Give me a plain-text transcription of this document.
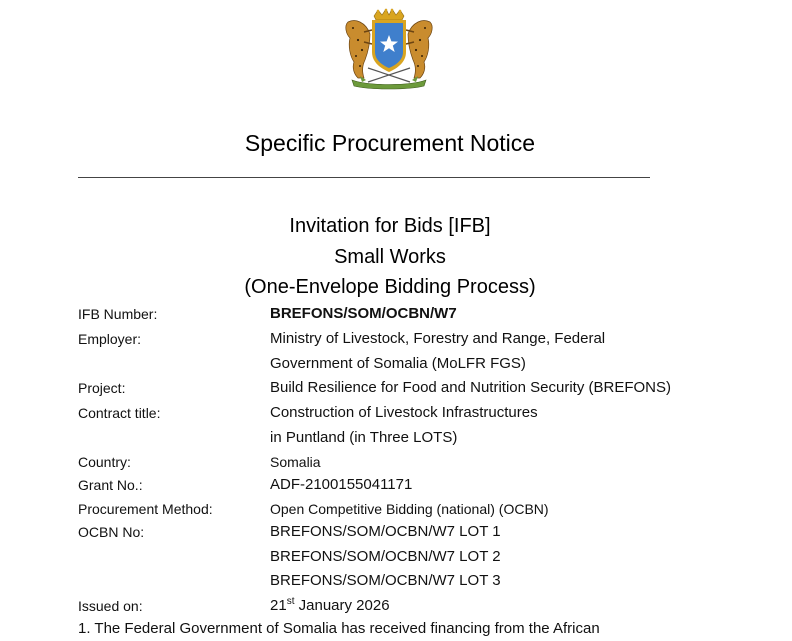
Specific Procurement Notice
Invitation for Bids [IFB]
Small Works
(One-Envelope Bidding Process)
IFB Number:	BREFONS/SOM/OCBN/W7
Employer:	Ministry of Livestock, Forestry and Range, Federal
Government of Somalia (MoLFR FGS)
Project:	Build Resilience for Food and Nutrition Security (BREFONS)
Contract title:	Construction of Livestock Infrastructures
in Puntland (in Three LOTS)
Country:	Somalia
Grant No.:	ADF-2100155041171
Procurement Method:	Open Competitive Bidding (national) (OCBN)
OCBN No:	BREFONS/SOM/OCBN/W7 LOT 1
BREFONS/SOM/OCBN/W7 LOT 2
BREFONS/SOM/OCBN/W7 LOT 3
Issued on:	21st January 2026
1. The Federal Government of Somalia has received financing from the African
